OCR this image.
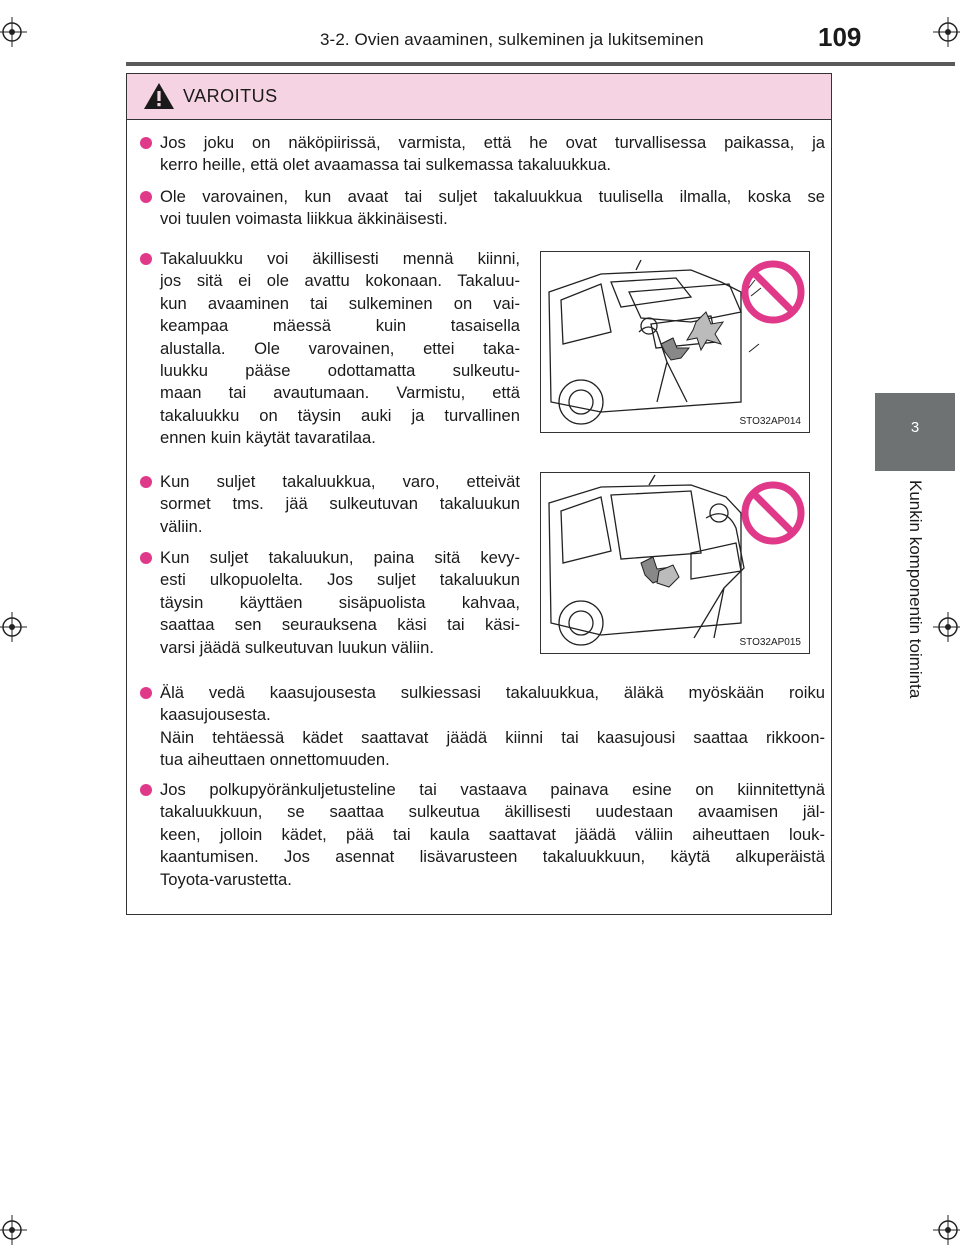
3-2. Ovien avaaminen, sulkeminen ja lukitseminen	109
3
Kunkin komponentin toiminta
VAROITUS
Jos joku on näköpiirissä, varmista, että he ovat turvallisessa paikassa, ja
kerro heille, että olet avaamassa tai sulkemassa takaluukkua.
Ole varovainen, kun avaat tai suljet takaluukkua tuulisella ilmalla, koska se
voi tuulen voimasta liikkua äkkinäisesti.
Takaluukku voi äkillisesti mennä kiinni,
jos sitä ei ole avattu kokonaan. Takaluu-
kun avaaminen tai sulkeminen on vai-
keampaa mäessä kuin tasaisella
alustalla. Ole varovainen, ettei taka-
luukku pääse odottamatta sulkeutu-
maan tai avautumaan. Varmistu, että
takaluukku on täysin auki ja turvallinen
ennen kuin käytät tavaratilaa.
Kun suljet takaluukkua, varo, etteivät
sormet tms. jää sulkeutuvan takaluukun
väliin.
Kun suljet takaluukun, paina sitä kevy-
esti ulkopuolelta. Jos suljet takaluukun
täysin käyttäen sisäpuolista kahvaa,
saattaa sen seurauksena käsi tai käsi-
varsi jäädä sulkeutuvan luukun väliin.
Älä vedä kaasujousesta sulkiessasi takaluukkua, äläkä myöskään roiku
kaasujousesta.
Näin tehtäessä kädet saattavat jäädä kiinni tai kaasujousi saattaa rikkoon-
tua aiheuttaen onnettomuuden.
Jos polkupyöränkuljetusteline tai vastaava painava esine on kiinnitettynä
takaluukkuun, se saattaa sulkeutua äkillisesti uudestaan avaamisen jäl-
keen, jolloin kädet, pää tai kaula saattavat jäädä väliin aiheuttaen louk-
kaantumisen. Jos asennat lisävarusteen takaluukkuun, käytä alkuperäistä
Toyota-varustetta.
STO32AP014
STO32AP015
